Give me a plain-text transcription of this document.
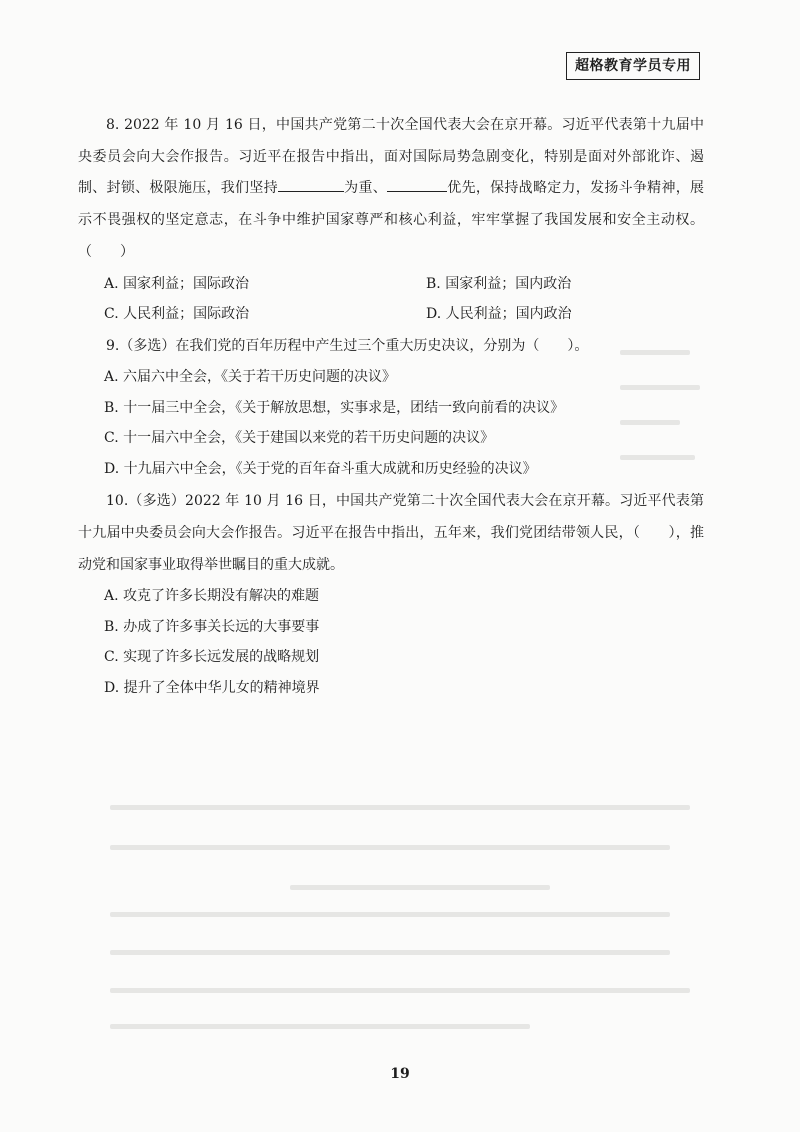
超格教育学员专用

8. 2022 年 10 月 16 日，中国共产党第二十次全国代表大会在京开幕。习近平代表第十九届中央委员会向大会作报告。习近平在报告中指出，面对国际局势急剧变化，特别是面对外部讹诈、遏制、封锁、极限施压，我们坚持	为重、	优先，保持战略定力，发扬斗争精神，展示不畏强权的坚定意志，在斗争中维护国家尊严和核心利益，牢牢掌握了我国发展和安全主动权。（　　）

A. 国家利益；国际政治	B. 国家利益；国内政治
C. 人民利益；国际政治	D. 人民利益；国内政治

9.（多选）在我们党的百年历程中产生过三个重大历史决议，分别为（　　）。

A. 六届六中全会，《关于若干历史问题的决议》
B. 十一届三中全会，《关于解放思想，实事求是，团结一致向前看的决议》
C. 十一届六中全会，《关于建国以来党的若干历史问题的决议》
D. 十九届六中全会，《关于党的百年奋斗重大成就和历史经验的决议》

10.（多选）2022 年 10 月 16 日，中国共产党第二十次全国代表大会在京开幕。习近平代表第十九届中央委员会向大会作报告。习近平在报告中指出，五年来，我们党团结带领人民，（　　），推动党和国家事业取得举世瞩目的重大成就。

A. 攻克了许多长期没有解决的难题
B. 办成了许多事关长远的大事要事
C. 实现了许多长远发展的战略规划
D. 提升了全体中华儿女的精神境界
19
